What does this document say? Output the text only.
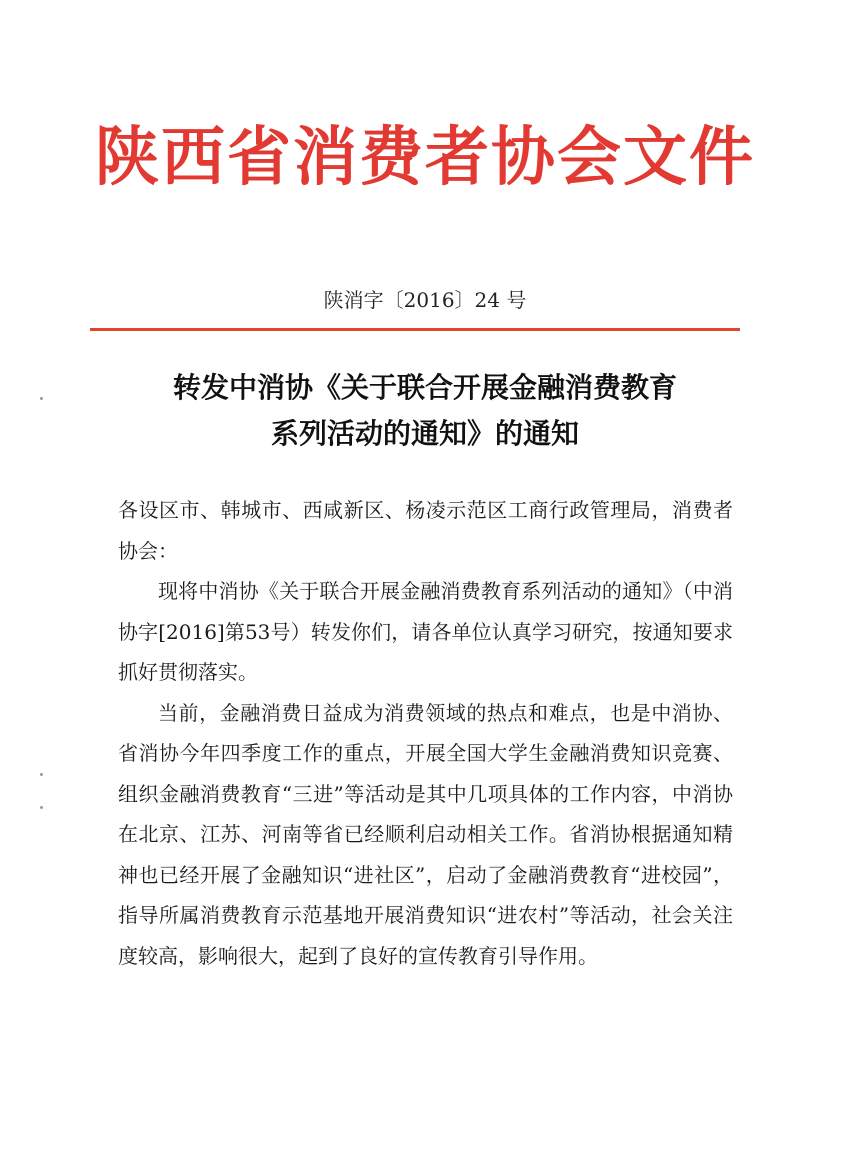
陕西省消费者协会文件
陕消字〔2016〕24 号
转发中消协《关于联合开展金融消费教育
系列活动的通知》的通知

各设区市、韩城市、西咸新区、杨凌示范区工商行政管理局，消费者协会：

现将中消协《关于联合开展金融消费教育系列活动的通知》（中消协字[2016]第53号）转发你们，请各单位认真学习研究，按通知要求抓好贯彻落实。

当前，金融消费日益成为消费领域的热点和难点，也是中消协、省消协今年四季度工作的重点，开展全国大学生金融消费知识竞赛、组织金融消费教育“三进”等活动是其中几项具体的工作内容，中消协在北京、江苏、河南等省已经顺利启动相关工作。省消协根据通知精神也已经开展了金融知识“进社区”，启动了金融消费教育“进校园”，指导所属消费教育示范基地开展消费知识“进农村”等活动，社会关注度较高，影响很大，起到了良好的宣传教育引导作用。
